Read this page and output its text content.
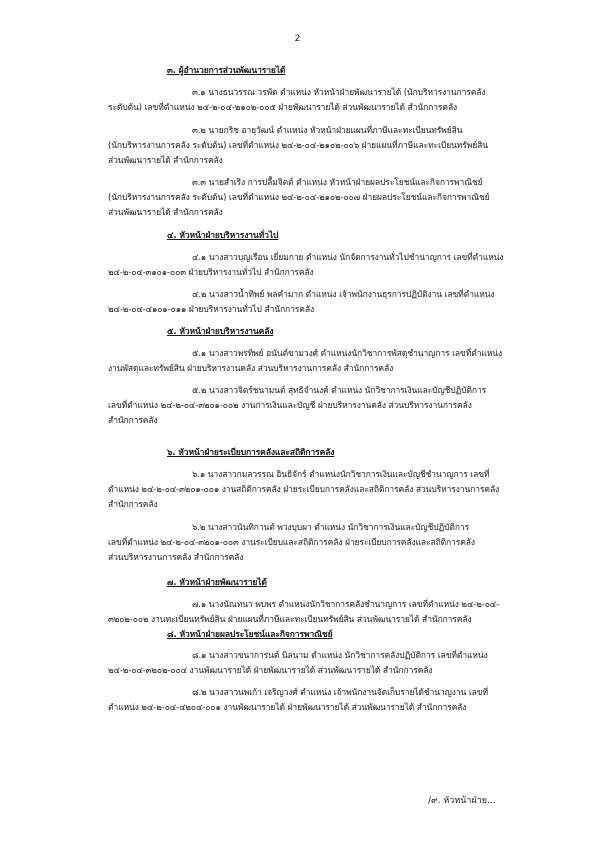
2
๓. ผู้อำนวยการส่วนพัฒนารายได้
๓.๑ นางธนวรรณ วรพัด ตำแหน่ง หัวหน้าฝ่ายพัฒนารายได้ (นักบริหารงานการคลัง
ระดับต้น) เลขที่ตำแหน่ง ๒๔-๒-๐๔-๒๑๐๒-๐๐๕ ฝ่ายพัฒนารายได้ ส่วนพัฒนารายได้ สำนักการคลัง
๓.๒ นายกริช อายุวัฒน์ ตำแหน่ง หัวหน้าฝ่ายแผนที่ภาษีและทะเบียนทรัพย์สิน
(นักบริหารงานการคลัง ระดับต้น) เลขที่ตำแหน่ง ๒๔-๒-๐๔-๒๑๐๒-๐๐๖ ฝ่ายแผนที่ภาษีและทะเบียนทรัพย์สิน
ส่วนพัฒนารายได้ สำนักการคลัง
๓.๓ นายสำเริง การปลื้มจิตต์ ตำแหน่ง หัวหน้าฝ่ายผลประโยชน์และกิจการพาณิชย์
(นักบริหารงานการคลัง ระดับต้น) เลขที่ตำแหน่ง ๒๔-๒-๐๔-๒๑๐๒-๐๐๗ ฝ่ายผลประโยชน์และกิจการพาณิชย์
ส่วนพัฒนารายได้ สำนักการคลัง
๔. หัวหน้าฝ่ายบริหารงานทั่วไป
๔.๑ นางสาวบุญเรือน เยี่ยมกาย ตำแหน่ง นักจัดการงานทั่วไปชำนาญการ เลขที่ตำแหน่ง
๒๔-๒-๐๔-๓๑๐๑-๐๐๓ ฝ่ายบริหารงานทั่วไป สำนักการคลัง
๔.๒ นางสาวน้ำทิพย์ พลคำมาก ตำแหน่ง เจ้าพนักงานธุรการปฏิบัติงาน เลขที่ตำแหน่ง
๒๔-๒-๐๔-๔๑๐๑-๐๑๑ ฝ่ายบริหารงานทั่วไป สำนักการคลัง
๕. หัวหน้าฝ่ายบริหารงานคลัง
๕.๑ นางสาวพรทิพย์ อนันต์ขามวงศ์ ตำแหน่งนักวิชาการพัสดุชำนาญการ เลขที่ตำแหน่ง
งานพัสดุและทรัพย์สิน ฝ่ายบริหารงานคลัง ส่วนบริหารงานการคลัง สำนักการคลัง
๕.๒ นางสาวจิตร์ชนามนต์ สุทธิจำนงค์ ตำแหน่ง นักวิชาการเงินและบัญชีปฏิบัติการ
เลขที่ตำแหน่ง ๒๔-๒-๐๔-๓๒๐๑-๐๐๒ งานการเงินและบัญชี ฝ่ายบริหารงานคลัง ส่วนบริหารงานการคลัง
สำนักการคลัง
๖. หัวหน้าฝ่ายระเบียบการคลังและสถิติการคลัง
๖.๑ นางสาวกมลวรรณ อินธิจักร์ ตำแหน่งนักวิชาการเงินและบัญชีชำนาญการ เลขที่
ตำแหน่ง ๒๔-๒-๐๔-๓๒๐๑-๐๐๑ งานสถิติการคลัง ฝ่ายระเบียบการคลังและสถิติการคลัง ส่วนบริหารงานการคลัง
สำนักการคลัง
๖.๒ นางสาวนันทิกานต์ พวงบุบผา ตำแหน่ง นักวิชาการเงินและบัญชีปฏิบัติการ
เลขที่ตำแหน่ง ๒๔-๒-๐๔-๓๒๐๑-๐๐๓ งานระเบียบและสถิติการคลัง ฝ่ายระเบียบการคลังและสถิติการคลัง
ส่วนบริหารงานการคลัง สำนักการคลัง
๗. หัวหน้าฝ่ายพัฒนารายได้
๗.๑ นางนัณทนา พบพร ตำแหน่งนักวิชาการคลังชำนาญการ เลขที่ตำแหน่ง ๒๔-๒-๐๔-
๓๒๐๒-๐๐๒ งานทะเบียนทรัพย์สิน ฝ่ายแผนที่ภาษีและทะเบียนทรัพย์สิน ส่วนพัฒนารายได้ สำนักการคลัง
๘. หัวหน้าฝ่ายผลประโยชน์และกิจการพาณิชย์
๘.๑ นางสาวขนาการนต์ นิลนาม ตำแหน่ง นักวิชาการคลังปฏิบัติการ เลขที่ตำแหน่ง
๒๔-๒-๐๔-๓๒๐๒-๐๐๔ งานพัฒนารายได้ ฝ่ายพัฒนารายได้ ส่วนพัฒนารายได้ สำนักการคลัง
๘.๒ นางสาวนพเก้า เจริญวงศ์ ตำแหน่ง เจ้าพนักงานจัดเก็บรายได้ชำนาญงาน เลขที่
ตำแหน่ง ๒๔-๒-๐๔-๔๒๐๔-๐๐๑ งานพัฒนารายได้ ฝ่ายพัฒนารายได้ ส่วนพัฒนารายได้ สำนักการคลัง
/๙. หัวหน้าฝ่าย...
